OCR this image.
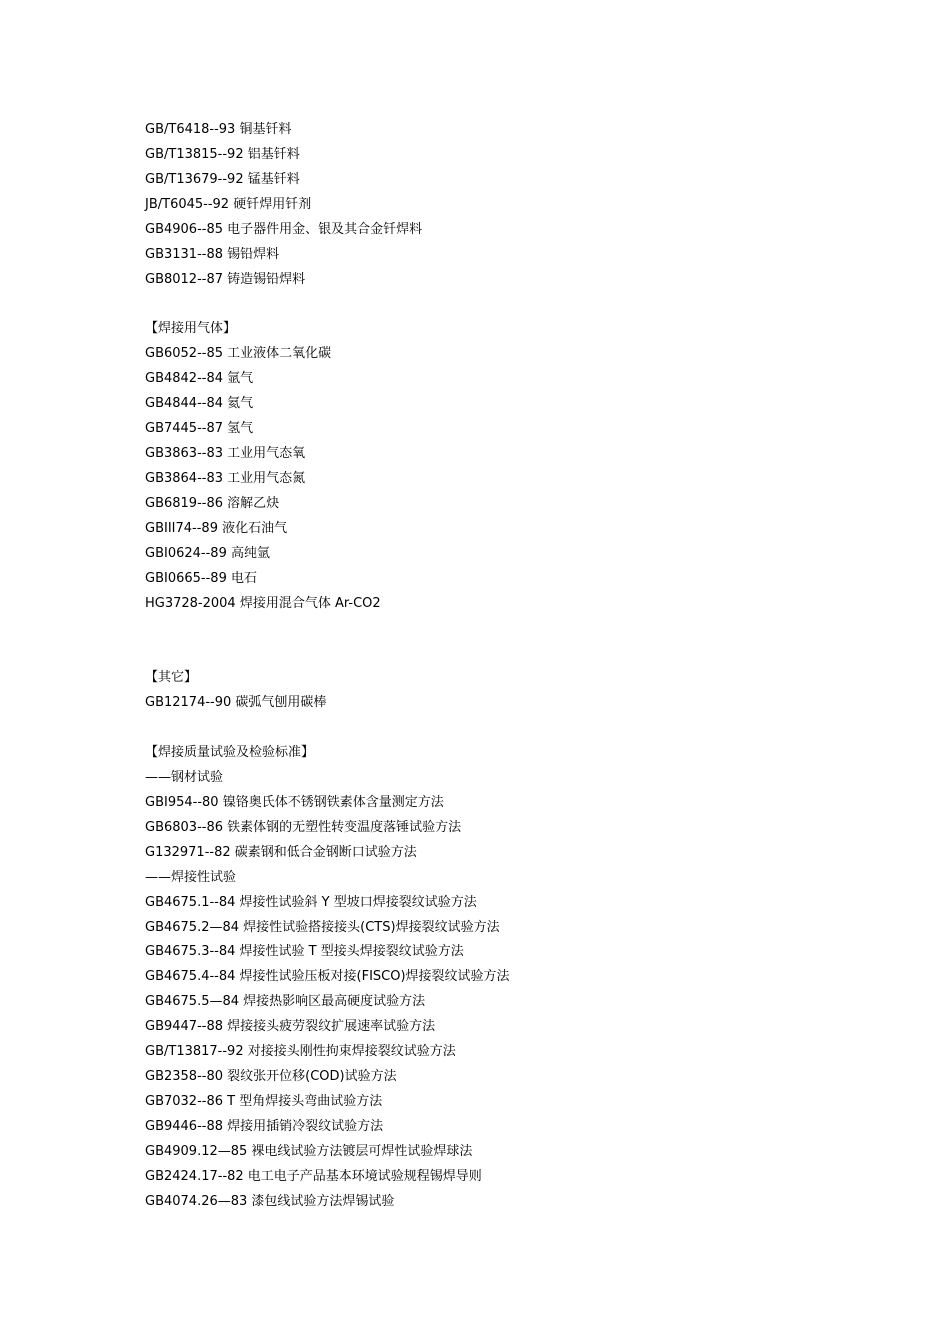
GB/T6418--93 铜基钎料
GB/T13815--92 铝基钎料
GB/T13679--92 锰基钎料
JB/T6045--92 硬钎焊用钎剂
GB4906--85 电子器件用金、银及其合金钎焊料
GB3131--88 锡铅焊料
GB8012--87 铸造锡铅焊料
【焊接用气体】
GB6052--85 工业液体二氧化碳
GB4842--84 氩气
GB4844--84 氦气
GB7445--87 氢气
GB3863--83 工业用气态氧
GB3864--83 工业用气态氮
GB6819--86 溶解乙炔
GBIII74--89 液化石油气
GBI0624--89 高纯氩
GBI0665--89 电石
HG3728-2004 焊接用混合气体 Ar-CO2
【其它】
GB12174--90 碳弧气刨用碳棒
【焊接质量试验及检验标准】
——钢材试验
GBI954--80 镍铬奥氏体不锈钢铁素体含量测定方法
GB6803--86 铁素体钢的无塑性转变温度落锤试验方法
G132971--82 碳素钢和低合金钢断口试验方法
——焊接性试验
GB4675.1--84 焊接性试验斜 Y 型坡口焊接裂纹试验方法
GB4675.2—84 焊接性试验搭接接头(CTS)焊接裂纹试验方法
GB4675.3--84 焊接性试验 T 型接头焊接裂纹试验方法
GB4675.4--84 焊接性试验压板对接(FISCO)焊接裂纹试验方法
GB4675.5—84 焊接热影响区最高硬度试验方法
GB9447--88 焊接接头疲劳裂纹扩展速率试验方法
GB/T13817--92 对接接头刚性拘束焊接裂纹试验方法
GB2358--80 裂纹张开位移(COD)试验方法
GB7032--86 T 型角焊接头弯曲试验方法
GB9446--88 焊接用插销冷裂纹试验方法
GB4909.12—85 裸电线试验方法镀层可焊性试验焊球法
GB2424.17--82 电工电子产品基本环境试验规程锡焊导则
GB4074.26—83 漆包线试验方法焊锡试验
